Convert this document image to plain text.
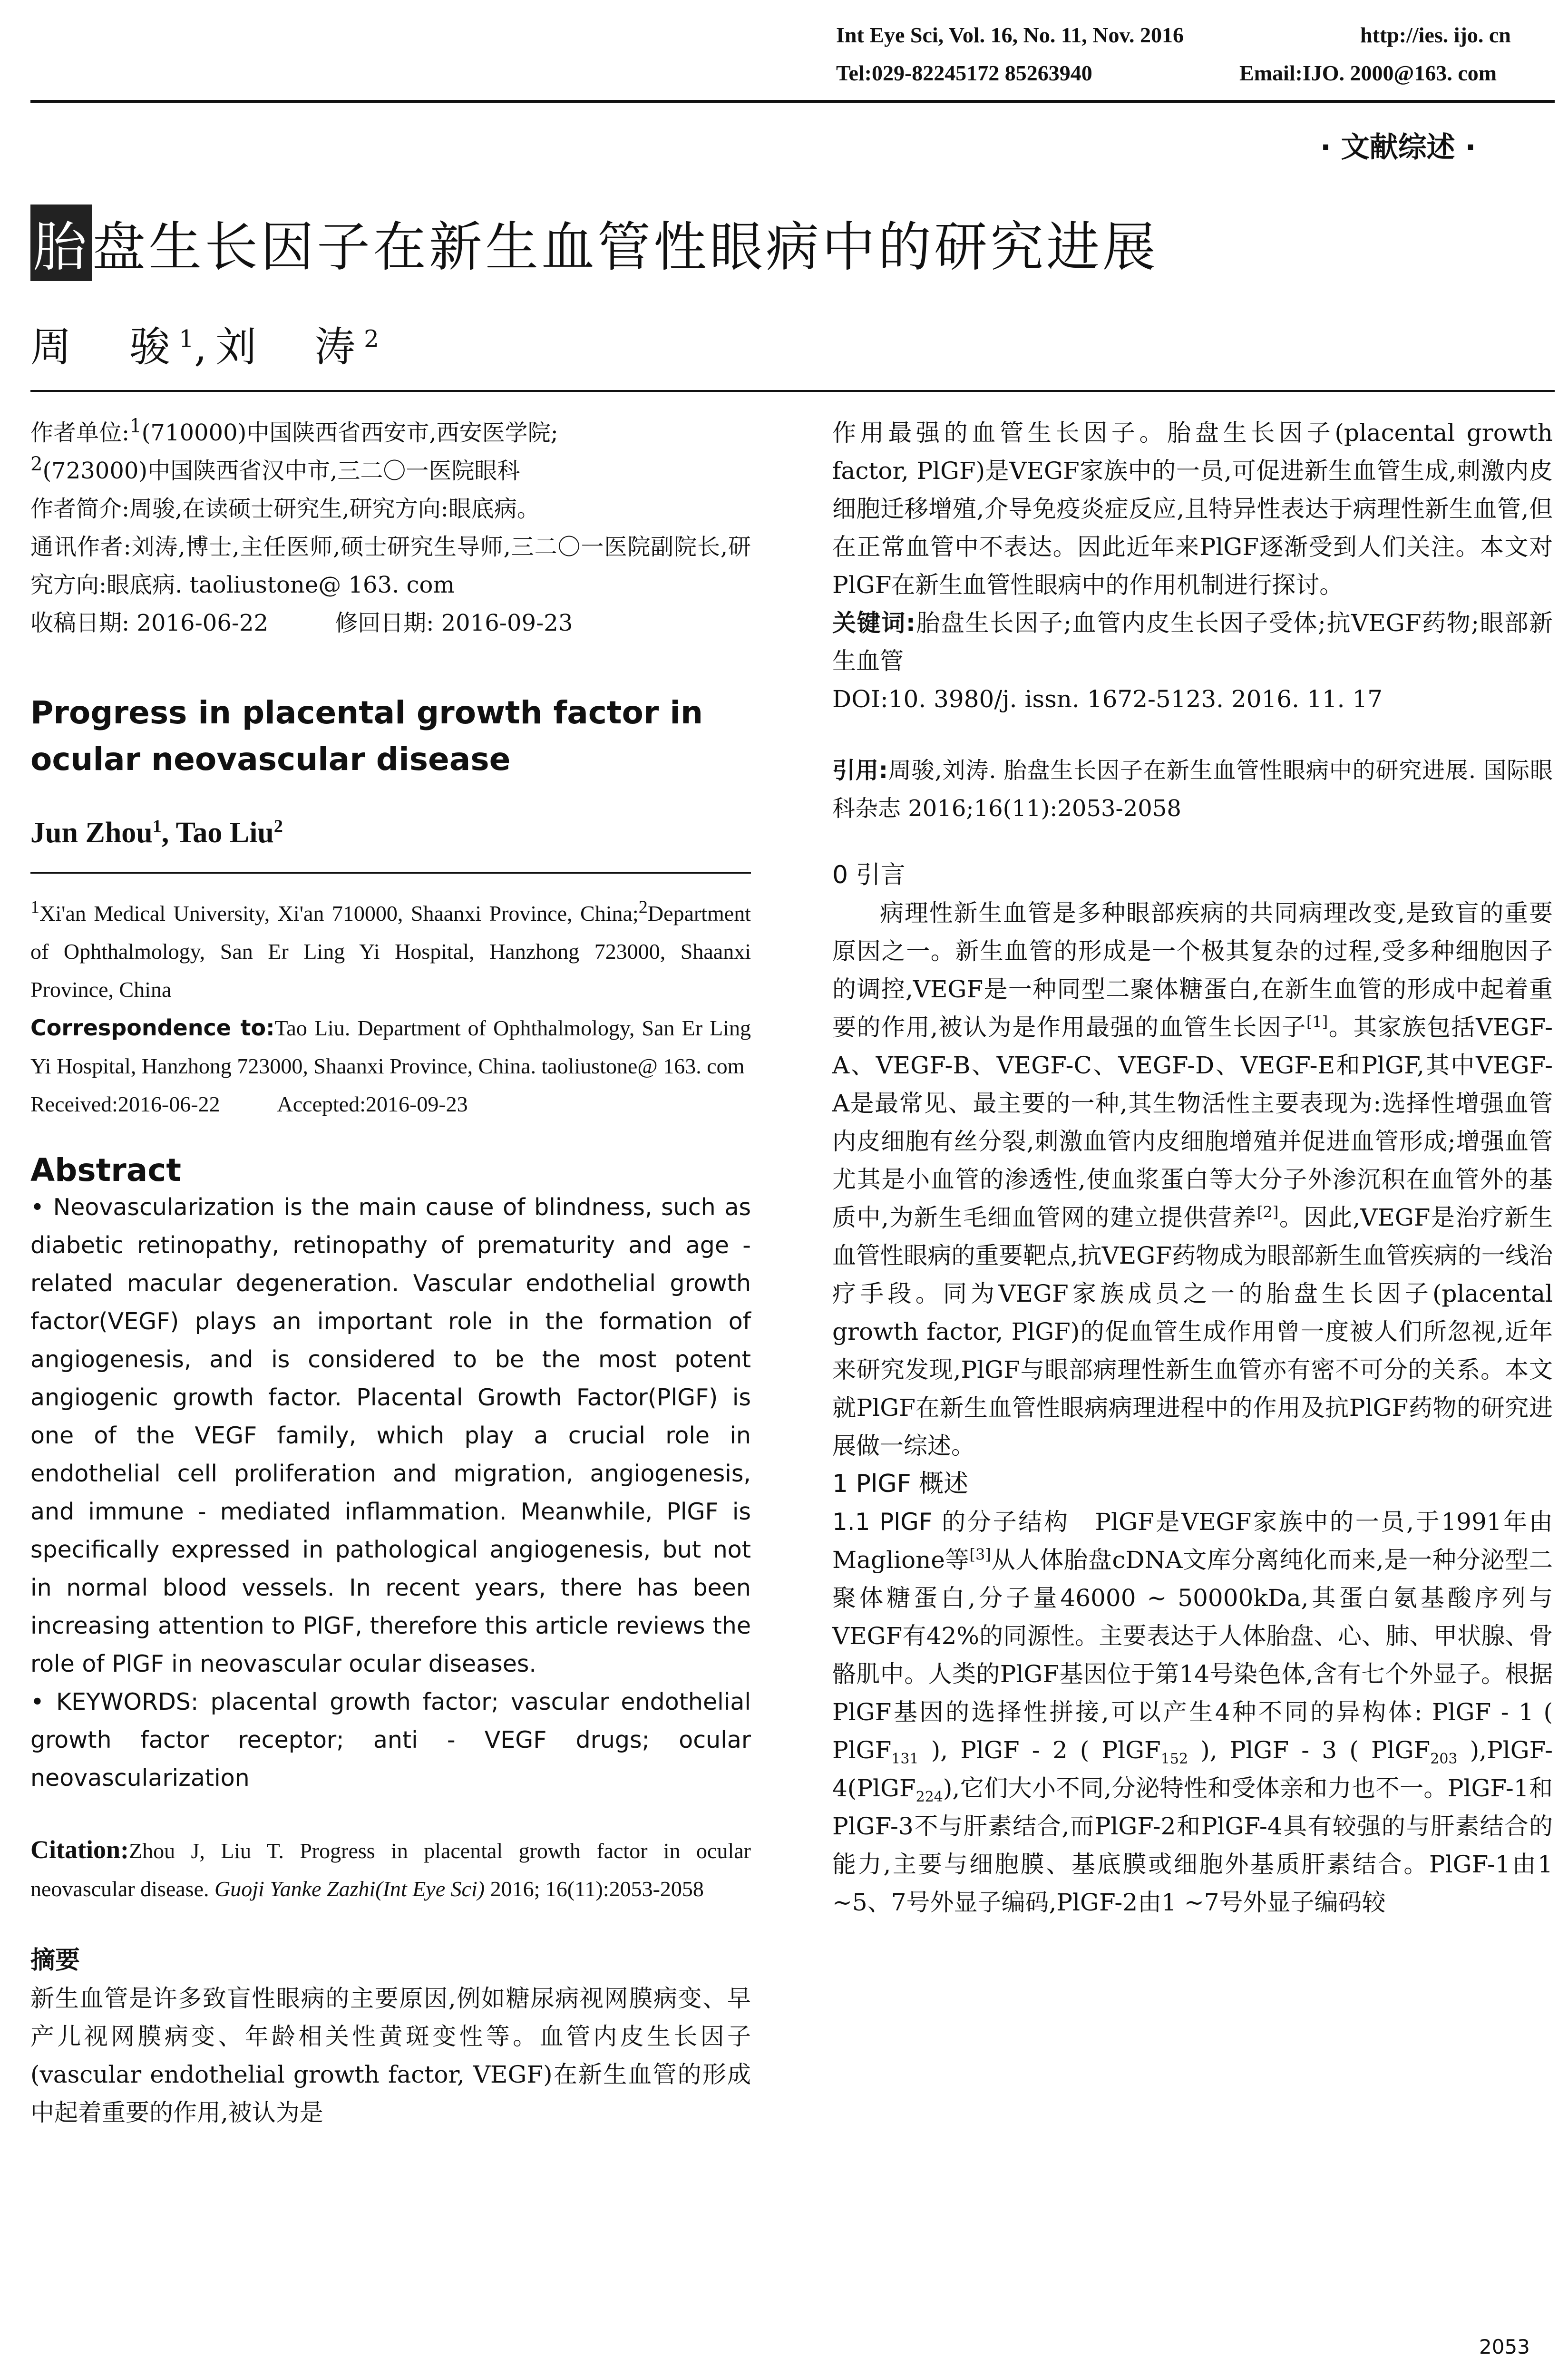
Int Eye Sci, Vol. 16, No. 11, Nov. 2016	http://ies. ijo. cn
Tel:029-82245172 85263940	Email:IJO. 2000@163. com
· 文献综述 ·
胎盘生长因子在新生血管性眼病中的研究进展
周　骏$^1$,刘　涛$^2$

作者单位:$^1$(710000)中国陕西省西安市,西安医学院;
$^2$(723000)中国陕西省汉中市,三二〇一医院眼科

作者简介:周骏,在读硕士研究生,研究方向:眼底病。

通讯作者:刘涛,博士,主任医师,硕士研究生导师,三二〇一医院副院长,研究方向:眼底病. taoliustone@ 163. com

收稿日期: 2016-06-22	修回日期: 2016-09-23

Progress in placental growth factor in ocular neovascular disease

Jun Zhou$^1$, Tao Liu$^2$

$^1$Xi'an Medical University, Xi'an 710000, Shaanxi Province, China;$^2$Department of Ophthalmology, San Er Ling Yi Hospital, Hanzhong 723000, Shaanxi Province, China

Correspondence to:Tao Liu. Department of Ophthalmology, San Er Ling Yi Hospital, Hanzhong 723000, Shaanxi Province, China. taoliustone@ 163. com

Received:2016-06-22	Accepted:2016-09-23

Abstract

• Neovascularization is the main cause of blindness, such as diabetic retinopathy, retinopathy of prematurity and age - related macular degeneration. Vascular endothelial growth factor(VEGF) plays an important role in the formation of angiogenesis, and is considered to be the most potent angiogenic growth factor. Placental Growth Factor(PlGF) is one of the VEGF family, which play a crucial role in endothelial cell proliferation and migration, angiogenesis, and immune - mediated inflammation. Meanwhile, PlGF is specifically expressed in pathological angiogenesis, but not in normal blood vessels. In recent years, there has been increasing attention to PlGF, therefore this article reviews the role of PlGF in neovascular ocular diseases.

• KEYWORDS: placental growth factor; vascular endothelial growth factor receptor; anti - VEGF drugs; ocular neovascularization

Citation:Zhou J, Liu T. Progress in placental growth factor in ocular neovascular disease. Guoji Yanke Zazhi(Int Eye Sci) 2016; 16(11):2053-2058

摘要

新生血管是许多致盲性眼病的主要原因,例如糖尿病视网膜病变、早产儿视网膜病变、年龄相关性黄斑变性等。血管内皮生长因子(vascular endothelial growth factor, VEGF)在新生血管的形成中起着重要的作用,被认为是

作用最强的血管生长因子。胎盘生长因子(placental growth factor, PlGF)是VEGF家族中的一员,可促进新生血管生成,刺激内皮细胞迁移增殖,介导免疫炎症反应,且特异性表达于病理性新生血管,但在正常血管中不表达。因此近年来PlGF逐渐受到人们关注。本文对PlGF在新生血管性眼病中的作用机制进行探讨。

关键词:胎盘生长因子;血管内皮生长因子受体;抗VEGF药物;眼部新生血管

DOI:10. 3980/j. issn. 1672-5123. 2016. 11. 17

引用:周骏,刘涛. 胎盘生长因子在新生血管性眼病中的研究进展. 国际眼科杂志 2016;16(11):2053-2058

0 引言

病理性新生血管是多种眼部疾病的共同病理改变,是致盲的重要原因之一。新生血管的形成是一个极其复杂的过程,受多种细胞因子的调控,VEGF是一种同型二聚体糖蛋白,在新生血管的形成中起着重要的作用,被认为是作用最强的血管生长因子[1]。其家族包括VEGF-A、VEGF-B、VEGF-C、VEGF-D、VEGF-E和PlGF,其中VEGF-A是最常见、最主要的一种,其生物活性主要表现为:选择性增强血管内皮细胞有丝分裂,刺激血管内皮细胞增殖并促进血管形成;增强血管尤其是小血管的渗透性,使血浆蛋白等大分子外渗沉积在血管外的基质中,为新生毛细血管网的建立提供营养[2]。因此,VEGF是治疗新生血管性眼病的重要靶点,抗VEGF药物成为眼部新生血管疾病的一线治疗手段。同为VEGF家族成员之一的胎盘生长因子(placental growth factor, PlGF)的促血管生成作用曾一度被人们所忽视,近年来研究发现,PlGF与眼部病理性新生血管亦有密不可分的关系。本文就PlGF在新生血管性眼病病理进程中的作用及抗PlGF药物的研究进展做一综述。

1 PlGF 概述

1.1 PlGF 的分子结构　PlGF是VEGF家族中的一员,于1991年由Maglione等[3]从人体胎盘cDNA文库分离纯化而来,是一种分泌型二聚体糖蛋白,分子量46000 ~ 50000kDa,其蛋白氨基酸序列与VEGF有42%的同源性。主要表达于人体胎盘、心、肺、甲状腺、骨骼肌中。人类的PlGF基因位于第14号染色体,含有七个外显子。根据PlGF基因的选择性拼接,可以产生4种不同的异构体: PlGF - 1 ( PlGF$_{131}$ ), PlGF - 2 ( PlGF$_{152}$ ), PlGF - 3 ( PlGF$_{203}$ ),PlGF-4(PlGF$_{224}$),它们大小不同,分泌特性和受体亲和力也不一。PlGF-1和PlGF-3不与肝素结合,而PlGF-2和PlGF-4具有较强的与肝素结合的能力,主要与细胞膜、基底膜或细胞外基质肝素结合。PlGF-1由1 ~5、7号外显子编码,PlGF-2由1 ~7号外显子编码较

2053
